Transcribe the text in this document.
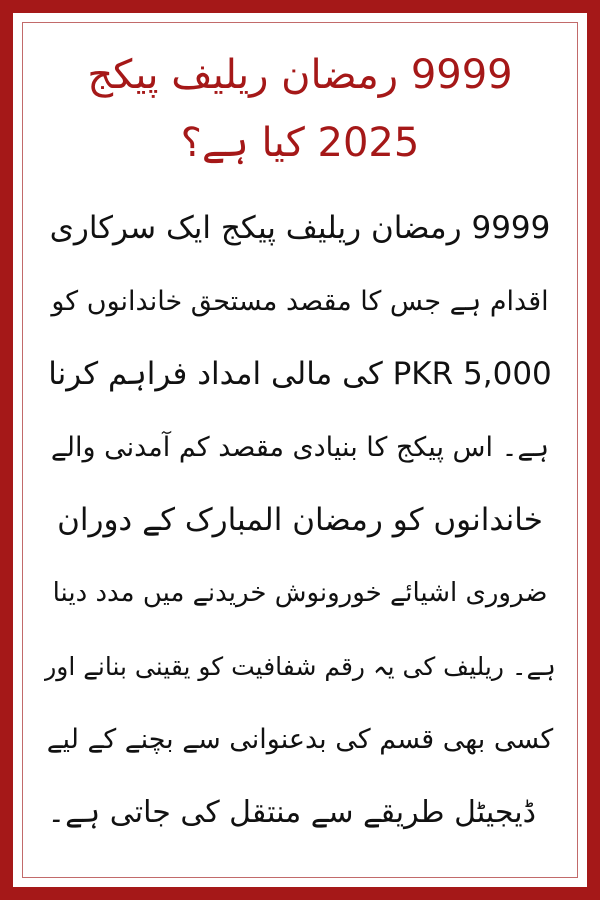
9999 رمضان ریلیف پیکج
2025 کیا ہے؟
9999 رمضان ریلیف پیکج ایک سرکاری
اقدام ہے جس کا مقصد مستحق خاندانوں کو
PKR 5,000 کی مالی امداد فراہم کرنا
ہے۔ اس پیکج کا بنیادی مقصد کم آمدنی والے
خاندانوں کو رمضان المبارک کے دوران
ضروری اشیائے خورونوش خریدنے میں مدد دینا
ہے۔ ریلیف کی یہ رقم شفافیت کو یقینی بنانے اور
کسی بھی قسم کی بدعنوانی سے بچنے کے لیے
ڈیجیٹل طریقے سے منتقل کی جاتی ہے۔
